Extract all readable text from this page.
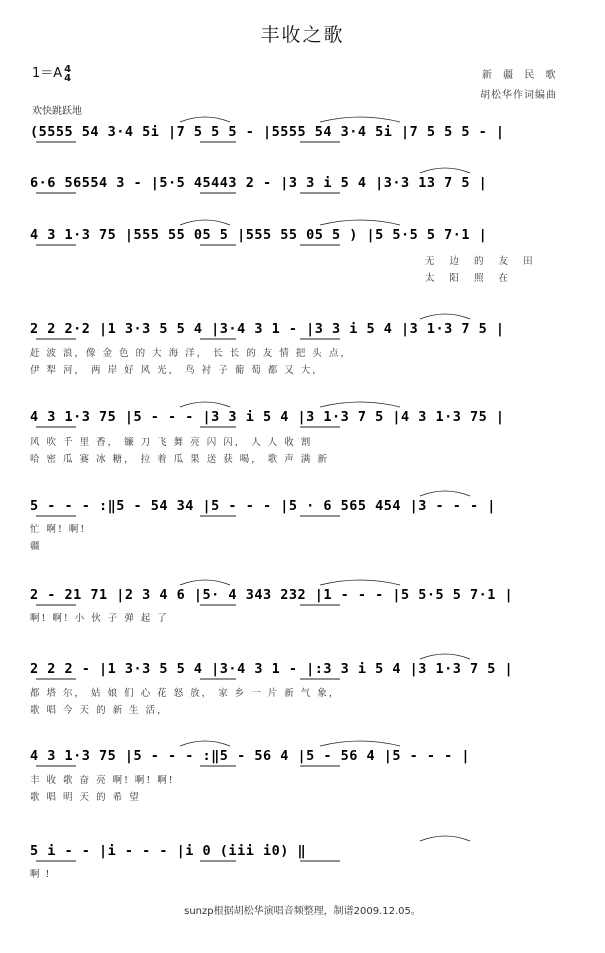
丰收之歌
1＝A 4
4	新 疆 民 歌
胡松华作词编曲
欢快跳跃地
(5555 54 3·4 5i |7 5 5 5 - |5555 54 3·4 5i |7 5 5 5 - |
6·6 56554 3 - |5·5 45443 2 - |3 3 i 5 4 |3·3 13 7 5 |
4 3 1·3 75 |555 55 05 5 |555 55 05 5 ) |5 5·5 5 7·1 |
无 边 的 友 田
太 阳 照 在
2 2 2·2 |1 3·3 5 5 4 |3·4 3 1 - |3 3 i 5 4 |3 1·3 7 5 |
赶 波 浪，像 金 色 的 大 海 洋， 长 长 的 友 情 把 头 点，
伊 犁 河， 两 岸 好 风 光， 鸟 衬 子 葡 萄 都 又 大，
4 3 1·3 75 |5 - - - |3 3 i 5 4 |3 1·3 7 5 |4 3 1·3 75 |
风 吹 千 里 香， 镰 刀 飞 舞 亮 闪 闪， 人 人 收 割
哈 密 瓜 赛 冰 糖， 拉 着 瓜 果 送 获 喝， 歌 声 满 新
5 - - - :‖5 - 54 34 |5 - - - |5 · 6 565 454 |3 - - - |
忙 啊! 啊!
疆
2 - 21 71 |2 3 4 6 |5· 4 343 232 |1 - - - |5 5·5 5 7·1 |
啊! 啊! 小 伙 子 弹 起 了
2 2 2 - |1 3·3 5 5 4 |3·4 3 1 - |:3 3 i 5 4 |3 1·3 7 5 |
都 塔 尔， 姑 娘 们 心 花 怒 放， 家 乡 一 片 新 气 象，
歌 唱 今 天 的 新 生 活，
4 3 1·3 75 |5 - - - :‖5 - 56 4 |5 - 56 4 |5 - - - |
丰 收 歌 奋 亮 啊! 啊! 啊!
歌 唱 明 天 的 希 望
5 i - - |i - - - |i 0 (iii i0) ‖
啊!
sunzp根据胡松华演唱音频整理，制谱2009.12.05。
